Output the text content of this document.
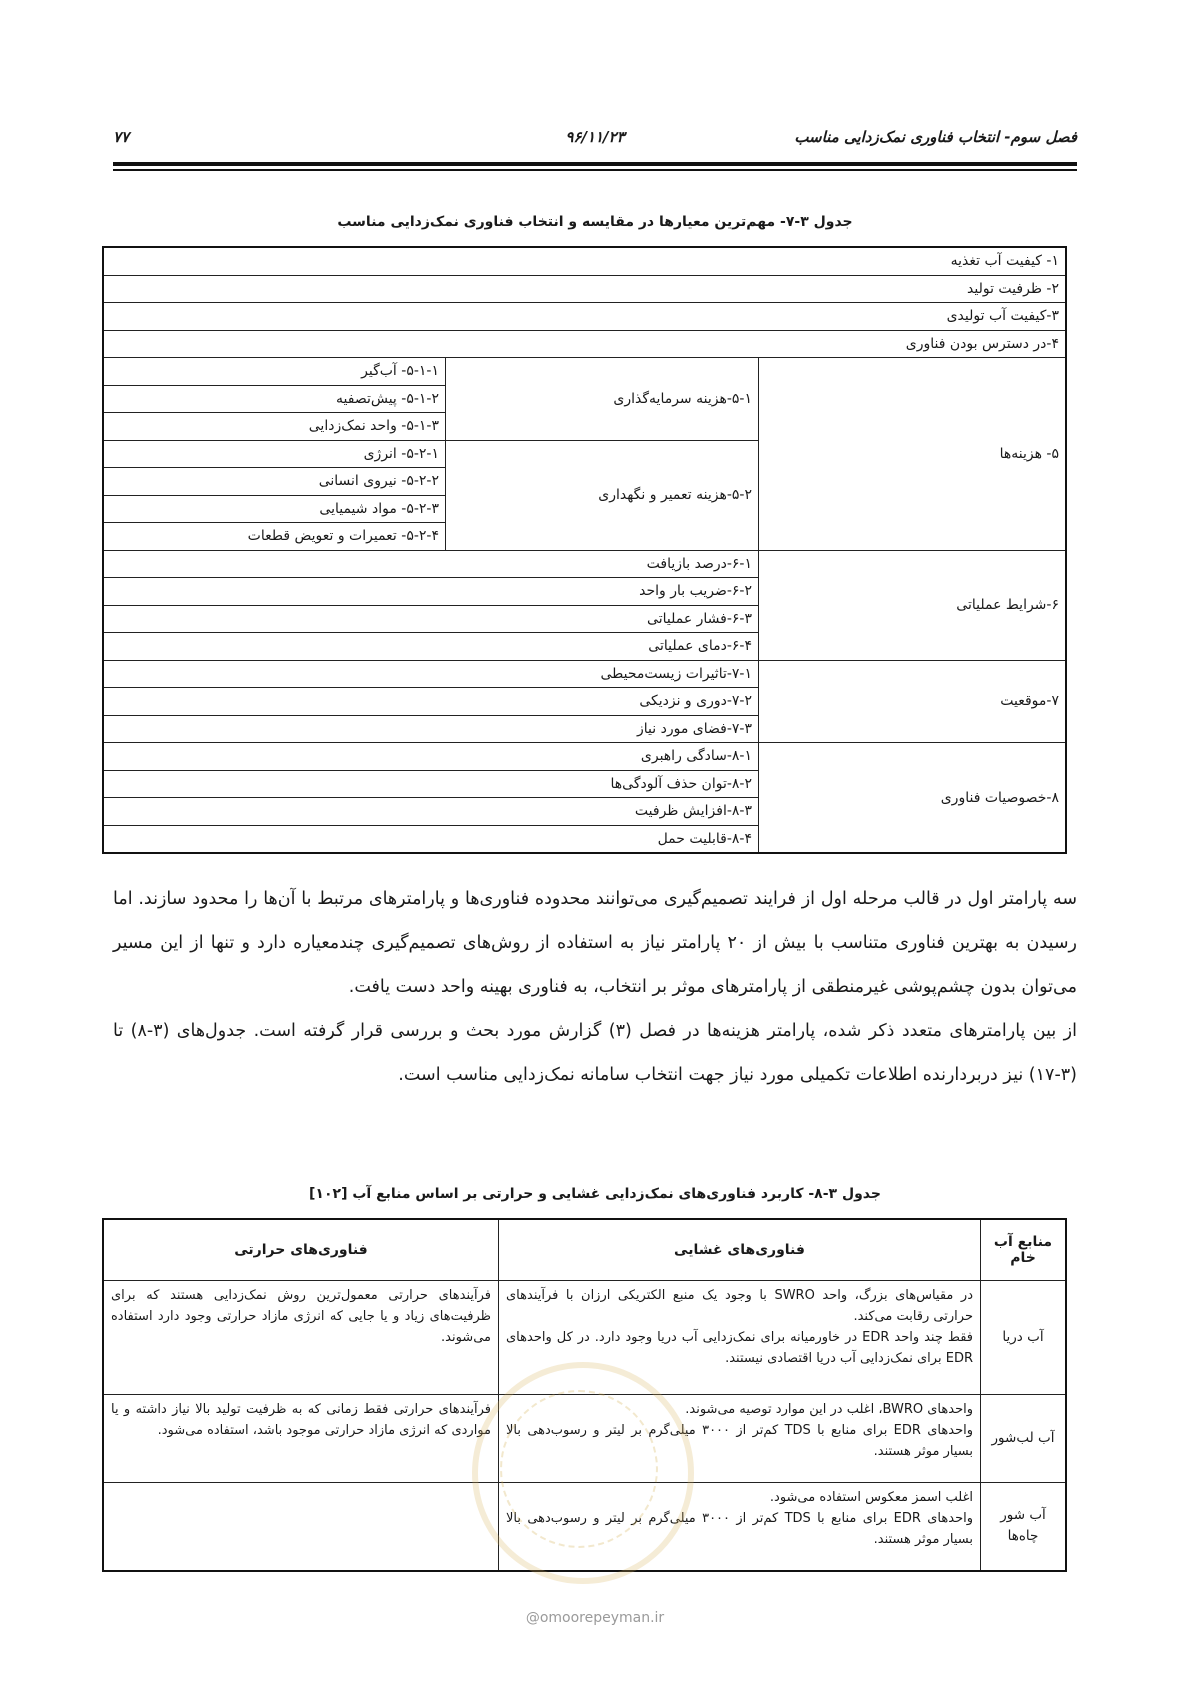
فصل سوم- انتخاب فناوری نمک‌زدایی مناسب
۹۶/۱۱/۲۳
۷۷
جدول ۳-۷- مهم‌ترین معیارها در مقایسه و انتخاب فناوری نمک‌زدایی مناسب
۱- کیفیت آب تغذیه		
۲- ظرفیت تولید		
۳-کیفیت آب تولیدی		
۴-در دسترس بودن فناوری		
۵- هزینه‌ها	۵-۱-هزینه سرمایه‌گذاری	۵-۱-۱- آب‌گیر
		۵-۱-۲- پیش‌تصفیه
		۵-۱-۳- واحد نمک‌زدایی
	۵-۲-هزینه تعمیر و نگهداری	۵-۲-۱- انرژی
		۵-۲-۲- نیروی انسانی
		۵-۲-۳- مواد شیمیایی
		۵-۲-۴- تعمیرات و تعویض قطعات
۶-شرایط عملیاتی	۶-۱-درصد بازیافت	
	۶-۲-ضریب بار واحد	
	۶-۳-فشار عملیاتی	
	۶-۴-دمای عملیاتی	
۷-موقعیت	۷-۱-تاثیرات زیست‌محیطی	
	۷-۲-دوری و نزدیکی	
	۷-۳-فضای مورد نیاز	
۸-خصوصیات فناوری	۸-۱-سادگی راهبری	
	۸-۲-توان حذف آلودگی‌ها	
	۸-۳-افزایش ظرفیت	
	۸-۴-قابلیت حمل	

سه پارامتر اول در قالب مرحله اول از فرایند تصمیم‌گیری می‌توانند محدوده فناوری‌ها و پارامترهای مرتبط با آن‌ها را محدود سازند. اما رسیدن به بهترین فناوری متناسب با بیش از ۲۰ پارامتر نیاز به استفاده از روش‌های تصمیم‌گیری چندمعیاره دارد و تنها از این مسیر می‌توان بدون چشم‌پوشی غیرمنطقی از پارامترهای موثر بر انتخاب، به فناوری بهینه واحد دست یافت.

از بین پارامترهای متعدد ذکر شده، پارامتر هزینه‌ها در فصل (۳) گزارش مورد بحث و بررسی قرار گرفته است. جدول‌های (۳-۸) تا (۳-۱۷) نیز دربردارنده اطلاعات تکمیلی مورد نیاز جهت انتخاب سامانه نمک‌زدایی مناسب است.

جدول ۳-۸- کاربرد فناوری‌های نمک‌زدایی غشایی و حرارتی بر اساس منابع آب [۱۰۲]
منابع آب خام	فناوری‌های غشایی	فناوری‌های حرارتی
آب دریا	در مقیاس‌های بزرگ، واحد SWRO با وجود یک منبع الکتریکی ارزان با فرآیندهای حرارتی رقابت می‌کند.
فقط چند واحد EDR در خاورمیانه برای نمک‌زدایی آب دریا وجود دارد. در کل واحدهای EDR برای نمک‌زدایی آب دریا اقتصادی نیستند.	فرآیندهای حرارتی معمول‌ترین روش نمک‌زدایی هستند که برای ظرفیت‌های زیاد و یا جایی که انرژی مازاد حرارتی وجود دارد استفاده می‌شوند.
آب لب‌شور	واحدهای BWRO، اغلب در این موارد توصیه می‌شوند.
واحدهای EDR برای منابع با TDS کم‌تر از ۳۰۰۰ میلی‌گرم بر لیتر و رسوب‌دهی بالا بسیار موثر هستند.	فرآیندهای حرارتی فقط زمانی که به ظرفیت تولید بالا نیاز داشته و یا مواردی که انرژی مازاد حرارتی موجود باشد، استفاده می‌شود.
آب شور چاه‌ها	اغلب اسمز معکوس استفاده می‌شود.
واحدهای EDR برای منابع با TDS کم‌تر از ۳۰۰۰ میلی‌گرم بر لیتر و رسوب‌دهی بالا بسیار موثر هستند.	

@omoorepeyman.ir
